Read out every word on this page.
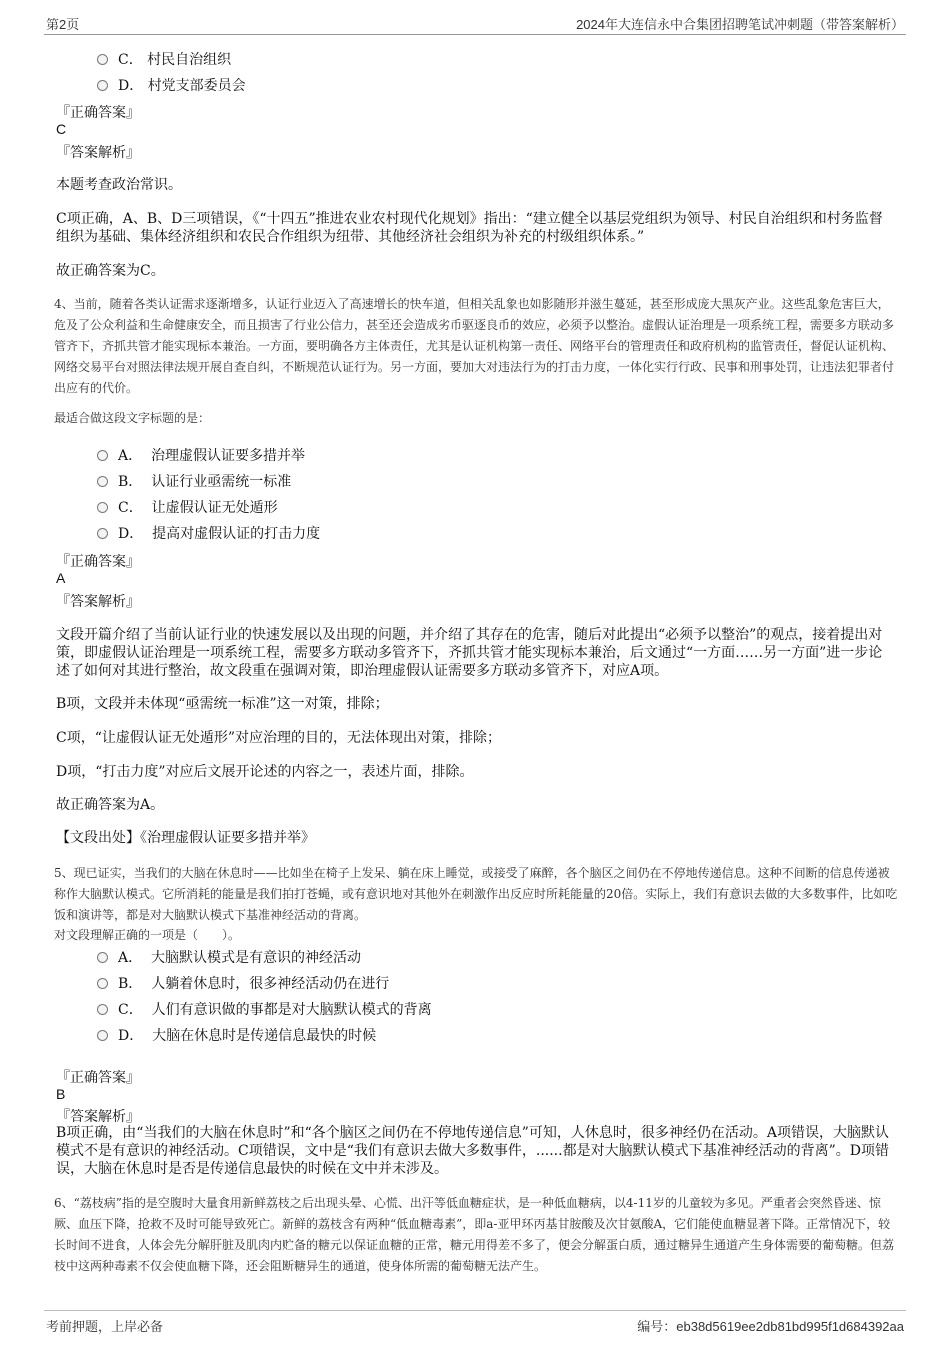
第2页	2024年大连信永中合集团招聘笔试冲刺题（带答案解析）
C． 村民自治组织
D． 村党支部委员会
『正确答案』
C
『答案解析』
本题考查政治常识。
C项正确，A、B、D三项错误，《“十四五”推进农业农村现代化规划》指出：“建立健全以基层党组织为领导、村民自治组织和村务监督组织为基础、集体经济组织和农民合作组织为纽带、其他经济社会组织为补充的村级组织体系。”
故正确答案为C。
4、当前，随着各类认证需求逐渐增多，认证行业迈入了高速增长的快车道，但相关乱象也如影随形并滋生蔓延，甚至形成庞大黑灰产业。这些乱象危害巨大，危及了公众利益和生命健康安全，而且损害了行业公信力，甚至还会造成劣币驱逐良币的效应，必须予以整治。虚假认证治理是一项系统工程，需要多方联动多管齐下，齐抓共管才能实现标本兼治。一方面，要明确各方主体责任，尤其是认证机构第一责任、网络平台的管理责任和政府机构的监管责任，督促认证机构、网络交易平台对照法律法规开展自查自纠，不断规范认证行为。另一方面，要加大对违法行为的打击力度，一体化实行行政、民事和刑事处罚，让违法犯罪者付出应有的代价。
最适合做这段文字标题的是：
A． 治理虚假认证要多措并举
B． 认证行业亟需统一标准
C． 让虚假认证无处遁形
D． 提高对虚假认证的打击力度
『正确答案』
A
『答案解析』
文段开篇介绍了当前认证行业的快速发展以及出现的问题，并介绍了其存在的危害，随后对此提出“必须予以整治”的观点，接着提出对策，即虚假认证治理是一项系统工程，需要多方联动多管齐下，齐抓共管才能实现标本兼治，后文通过“一方面……另一方面”进一步论述了如何对其进行整治，故文段重在强调对策，即治理虚假认证需要多方联动多管齐下，对应A项。
B项，文段并未体现“亟需统一标准”这一对策，排除；
C项，“让虚假认证无处遁形”对应治理的目的，无法体现出对策，排除；
D项，“打击力度”对应后文展开论述的内容之一，表述片面，排除。
故正确答案为A。
【文段出处】《治理虚假认证要多措并举》
5、现已证实，当我们的大脑在休息时——比如坐在椅子上发呆、躺在床上睡觉，或接受了麻醉，各个脑区之间仍在不停地传递信息。这种不间断的信息传递被称作大脑默认模式。它所消耗的能量是我们拍打苍蝇，或有意识地对其他外在刺激作出反应时所耗能量的20倍。实际上，我们有意识去做的大多数事件，比如吃饭和演讲等，都是对大脑默认模式下基准神经活动的背离。
对文段理解正确的一项是（　　）。
A． 大脑默认模式是有意识的神经活动
B． 人躺着休息时，很多神经活动仍在进行
C． 人们有意识做的事都是对大脑默认模式的背离
D． 大脑在休息时是传递信息最快的时候
『正确答案』
B
『答案解析』
B项正确，由“当我们的大脑在休息时”和“各个脑区之间仍在不停地传递信息”可知，人休息时，很多神经仍在活动。A项错误，大脑默认模式不是有意识的神经活动。C项错误，文中是“我们有意识去做大多数事件，......都是对大脑默认模式下基准神经活动的背离”。D项错误，大脑在休息时是否是传递信息最快的时候在文中并未涉及。
6、“荔枝病”指的是空腹时大量食用新鲜荔枝之后出现头晕、心慌、出汗等低血糖症状，是一种低血糖病，以4-11岁的儿童较为多见。严重者会突然昏迷、惊厥、血压下降，抢救不及时可能导致死亡。新鲜的荔枝含有两种“低血糖毒素”，即a-亚甲环丙基甘胺酸及次甘氨酸A，它们能使血糖显著下降。正常情况下，较长时间不进食，人体会先分解肝脏及肌肉内贮备的糖元以保证血糖的正常，糖元用得差不多了，便会分解蛋白质，通过糖异生通道产生身体需要的葡萄糖。但荔枝中这两种毒素不仅会使血糖下降，还会阻断糖异生的通道，使身体所需的葡萄糖无法产生。
考前押题，上岸必备	编号：eb38d5619ee2db81bd995f1d684392aa
